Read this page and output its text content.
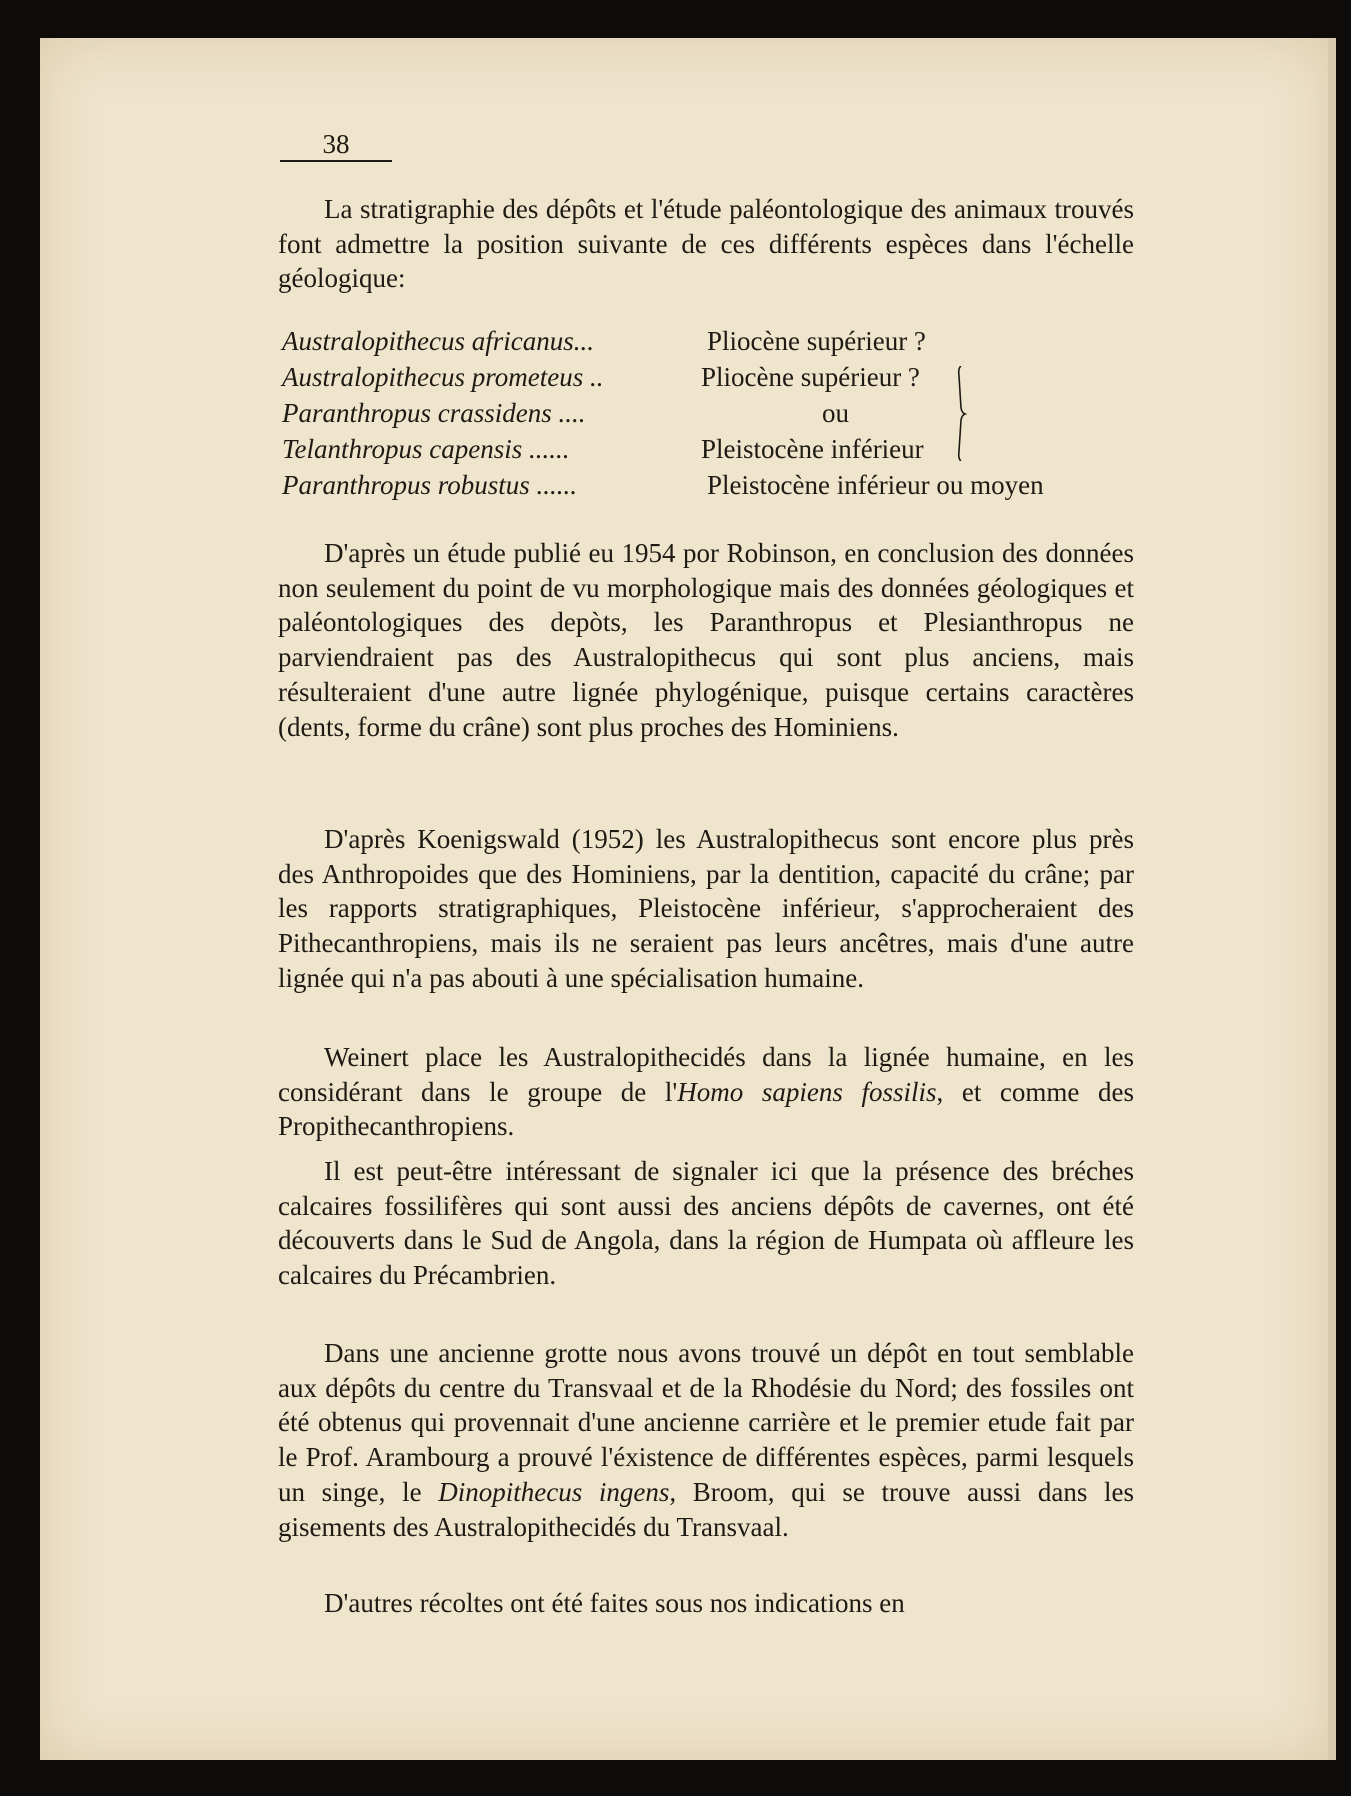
38

La stratigraphie des dépôts et l'étude paléontologique des animaux trouvés font admettre la position suivante de ces différents espèces dans l'échelle géologique:

Australopithecus africanus...	Pliocène supérieur ?
Australopithecus prometeus ..	Pliocène supérieur ?
Paranthropus crassidens ....	ou
Telanthropus capensis ......	Pleistocène inférieur
Paranthropus robustus ......	Pleistocène inférieur ou moyen

D'après un étude publié eu 1954 por Robinson, en conclusion des données non seulement du point de vu morphologique mais des données géologiques et paléontologiques des depòts, les Paranthropus et Plesianthropus ne parviendraient pas des Australopithecus qui sont plus anciens, mais résulteraient d'une autre lignée phylogénique, puisque certains caractères (dents, forme du crâne) sont plus proches des Hominiens.

D'après Koenigswald (1952) les Australopithecus sont encore plus près des Anthropoides que des Hominiens, par la dentition, capacité du crâne; par les rapports stratigraphiques, Pleistocène inférieur, s'approcheraient des Pithecanthropiens, mais ils ne seraient pas leurs ancêtres, mais d'une autre lignée qui n'a pas abouti à une spécialisation humaine.

Weinert place les Australopithecidés dans la lignée humaine, en les considérant dans le groupe de l'Homo sapiens fossilis, et comme des Propithecanthropiens.

Il est peut-être intéressant de signaler ici que la présence des bréches calcaires fossilifères qui sont aussi des anciens dépôts de cavernes, ont été découverts dans le Sud de Angola, dans la région de Humpata où affleure les calcaires du Précambrien.

Dans une ancienne grotte nous avons trouvé un dépôt en tout semblable aux dépôts du centre du Transvaal et de la Rhodésie du Nord; des fossiles ont été obtenus qui provennait d'une ancienne carrière et le premier etude fait par le Prof. Arambourg a prouvé l'éxistence de différentes espèces, parmi lesquels un singe, le Dinopithecus ingens, Broom, qui se trouve aussi dans les gisements des Australopithecidés du Transvaal.

D'autres récoltes ont été faites sous nos indications en
